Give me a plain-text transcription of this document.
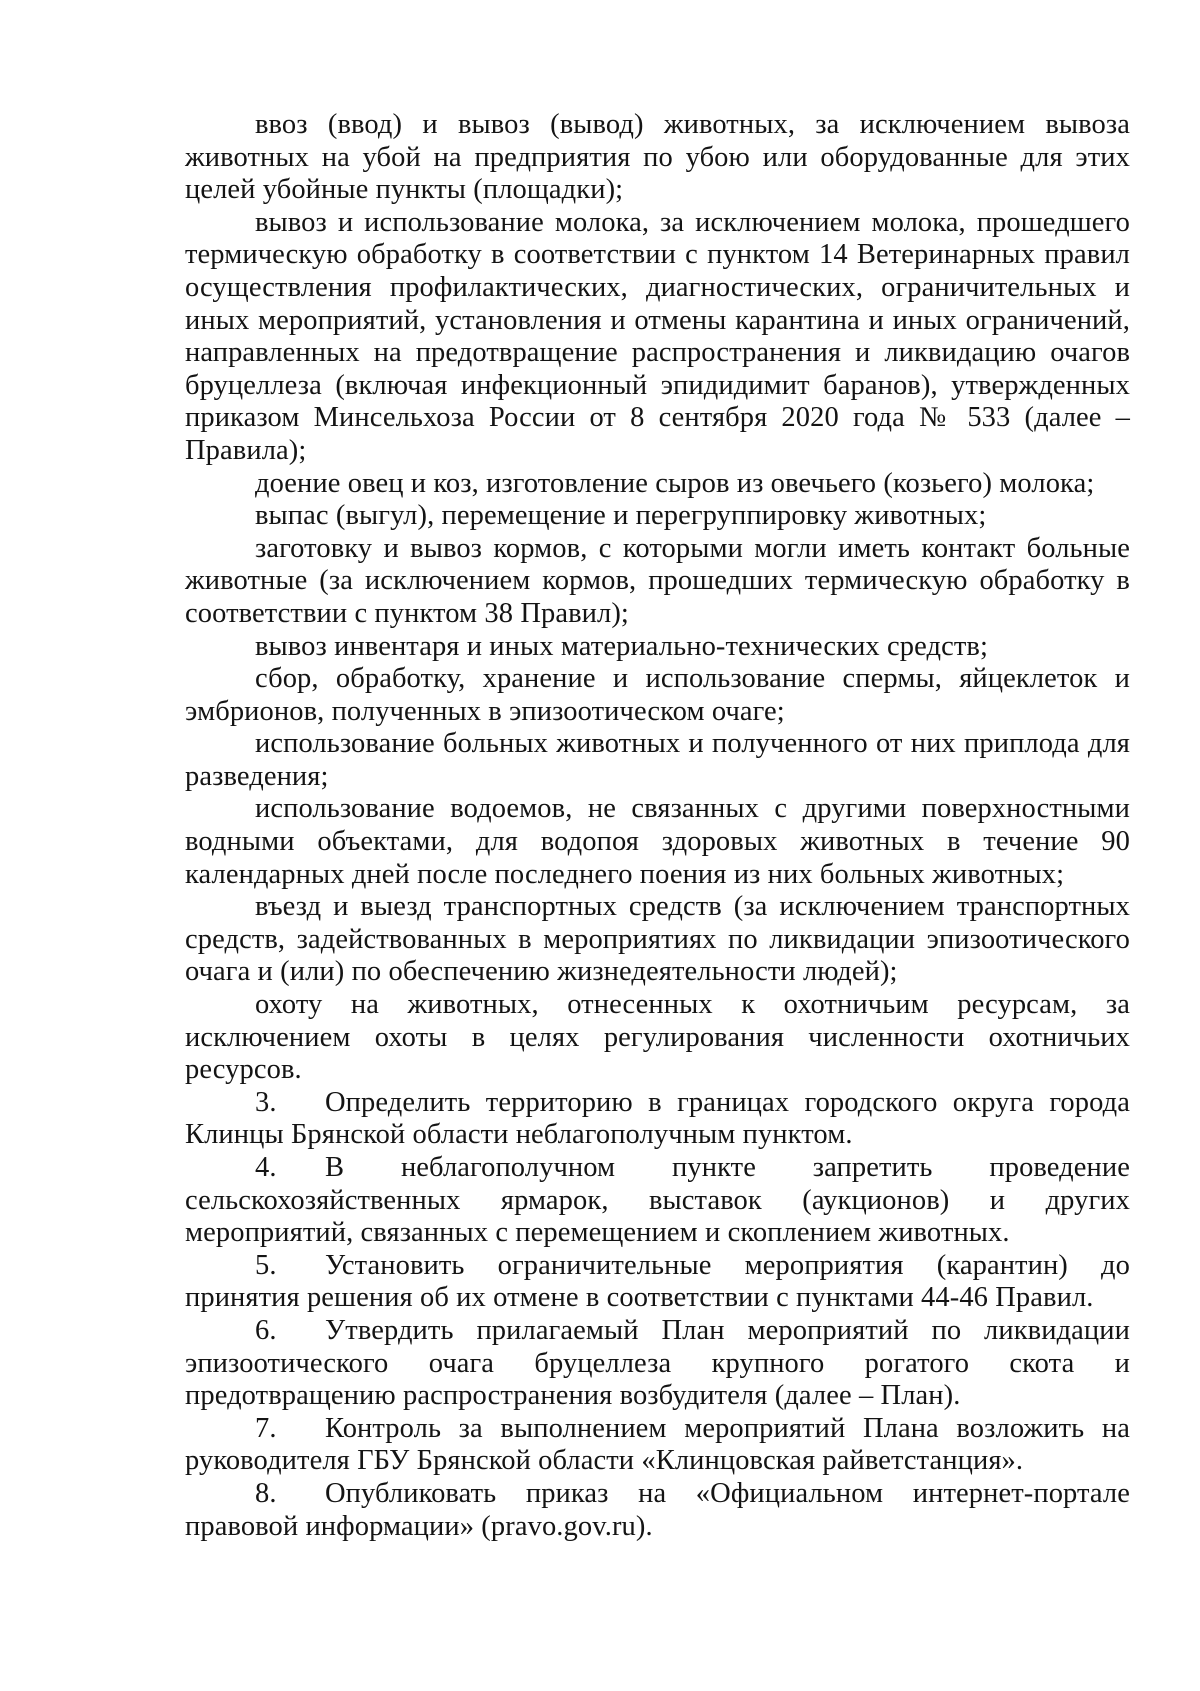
ввоз (ввод) и вывоз (вывод) животных, за исключением вывоза животных на убой на предприятия по убою или оборудованные для этих целей убойные пункты (площадки);

вывоз и использование молока, за исключением молока, прошедшего термическую обработку в соответствии с пунктом 14 Ветеринарных правил осуществления профилактических, диагностических, ограничительных и иных мероприятий, установления и отмены карантина и иных ограничений, направленных на предотвращение распространения и ликвидацию очагов бруцеллеза (включая инфекционный эпидидимит баранов), утвержденных приказом Минсельхоза России от 8 сентября 2020 года № 533 (далее – Правила);

доение овец и коз, изготовление сыров из овечьего (козьего) молока;

выпас (выгул), перемещение и перегруппировку животных;

заготовку и вывоз кормов, с которыми могли иметь контакт больные животные (за исключением кормов, прошедших термическую обработку в соответствии с пунктом 38 Правил);

вывоз инвентаря и иных материально-технических средств;

сбор, обработку, хранение и использование спермы, яйцеклеток и эмбрионов, полученных в эпизоотическом очаге;

использование больных животных и полученного от них приплода для разведения;

использование водоемов, не связанных с другими поверхностными водными объектами, для водопоя здоровых животных в течение 90 календарных дней после последнего поения из них больных животных;

въезд и выезд транспортных средств (за исключением транспортных средств, задействованных в мероприятиях по ликвидации эпизоотического очага и (или) по обеспечению жизнедеятельности людей);

охоту на животных, отнесенных к охотничьим ресурсам, за исключением охоты в целях регулирования численности охотничьих ресурсов.

3. Определить территорию в границах городского округа города Клинцы Брянской области неблагополучным пунктом.

4. В неблагополучном пункте запретить проведение сельскохозяйственных ярмарок, выставок (аукционов) и других мероприятий, связанных с перемещением и скоплением животных.

5. Установить ограничительные мероприятия (карантин) до принятия решения об их отмене в соответствии с пунктами 44-46 Правил.

6. Утвердить прилагаемый План мероприятий по ликвидации эпизоотического очага бруцеллеза крупного рогатого скота и предотвращению распространения возбудителя (далее – План).

7. Контроль за выполнением мероприятий Плана возложить на руководителя ГБУ Брянской области «Клинцовская райветстанция».

8. Опубликовать приказ на «Официальном интернет-портале правовой информации» (pravo.gov.ru).
